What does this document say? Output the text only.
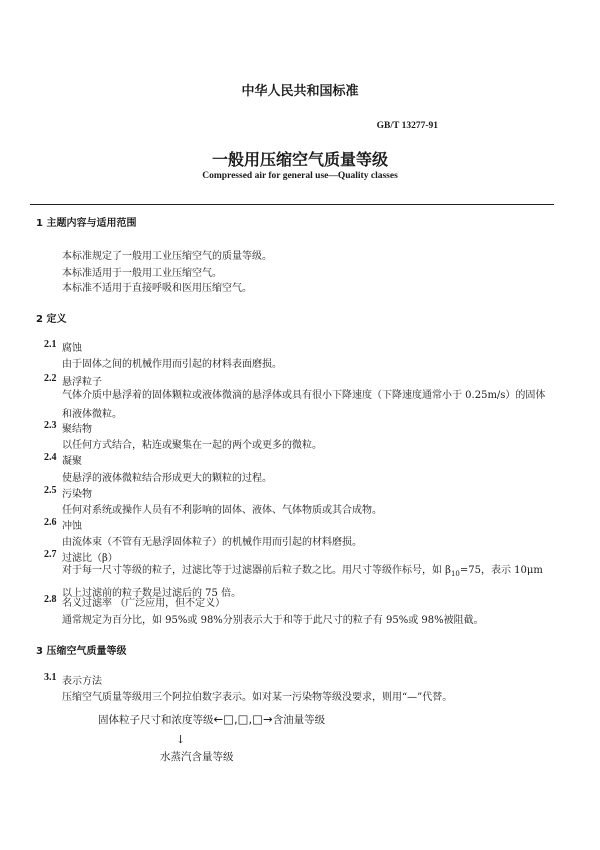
中华人民共和国标准
GB/T 13277-91
一般用压缩空气质量等级
Compressed air for general use—Quality classes
1 主题内容与适用范围
本标准规定了一般用工业压缩空气的质量等级。
本标准适用于一般用工业压缩空气。
本标准不适用于直接呼吸和医用压缩空气。
2 定义
2.1 腐蚀
由于固体之间的机械作用而引起的材料表面磨损。
2.2 悬浮粒子
气体介质中悬浮着的固体颗粒或液体微滴的悬浮体或具有很小下降速度（下降速度通常小于 0.25m/s）的固体和液体微粒。
2.3 聚结物
以任何方式结合，粘连或聚集在一起的两个或更多的微粒。
2.4 凝聚
使悬浮的液体微粒结合形成更大的颗粒的过程。
2.5 污染物
任何对系统或操作人员有不利影响的固体、液体、气体物质或其合成物。
2.6 冲蚀
由流体束（不管有无悬浮固体粒子）的机械作用而引起的材料磨损。
2.7 过滤比（β）
对于每一尺寸等级的粒子，过滤比等于过滤器前后粒子数之比。用尺寸等级作标号，如 $\beta_{10}=75$，表示 10μm 以上过滤前的粒子数是过滤后的 75 倍。
2.8 名义过滤率 （广泛应用，但不定义）
通常规定为百分比，如 95%或 98%分别表示大于和等于此尺寸的粒子有 95%或 98%被阻截。
3 压缩空气质量等级
3.1 表示方法
压缩空气质量等级用三个阿拉伯数字表示。如对某一污染物等级没要求，则用“—”代替。
固体粒子尺寸和浓度等级←□,□,□→含油量等级
↓
水蒸汽含量等级
